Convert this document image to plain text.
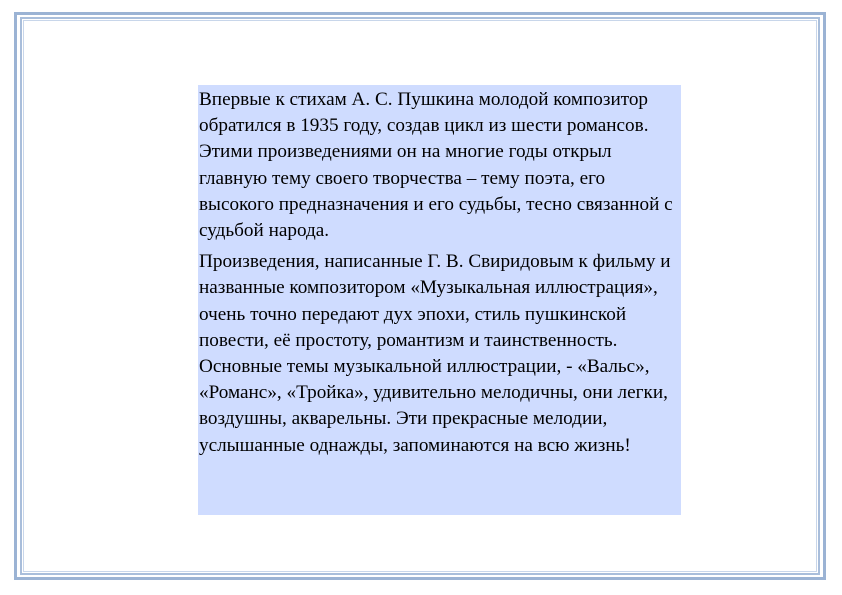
Впервые к стихам А. С. Пушкина молодой композитор обратился в 1935 году, создав цикл из шести романсов. Этими произведениями он на многие годы открыл главную тему своего творчества – тему поэта, его высокого предназначения и его судьбы, тесно связанной с судьбой народа.

Произведения, написанные Г. В. Свиридовым к фильму и названные композитором «Музыкальная иллюстрация», очень точно передают дух эпохи, стиль пушкинской повести, её простоту, романтизм и таинственность. Основные темы музыкальной иллюстрации, - «Вальс», «Романс», «Тройка», удивительно мелодичны, они легки, воздушны, акварельны. Эти прекрасные мелодии, услышанные однажды, запоминаются на всю жизнь!
